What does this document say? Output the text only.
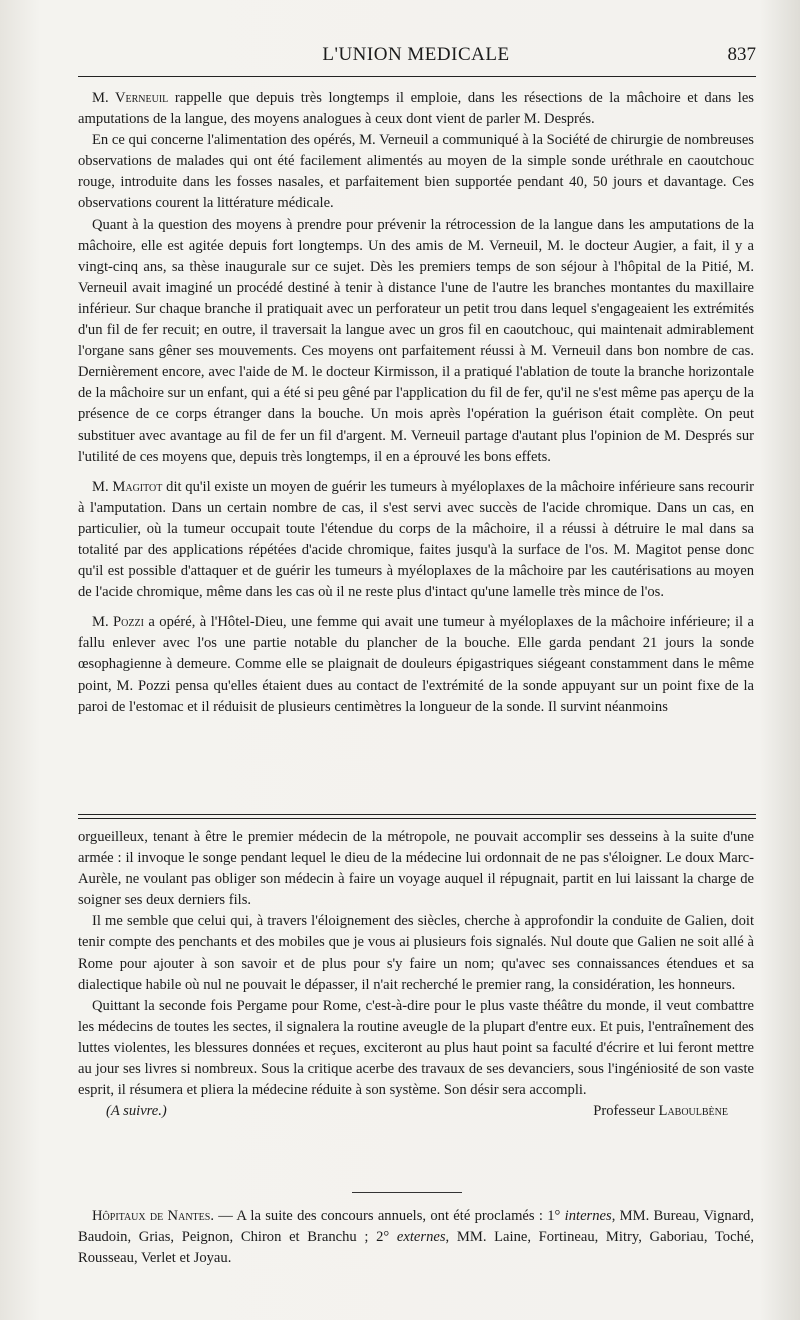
L'UNION MEDICALE	837

M. Verneuil rappelle que depuis très longtemps il emploie, dans les résections de la mâchoire et dans les amputations de la langue, des moyens analogues à ceux dont vient de parler M. Després.

En ce qui concerne l'alimentation des opérés, M. Verneuil a communiqué à la Société de chirurgie de nombreuses observations de malades qui ont été facilement alimentés au moyen de la simple sonde uréthrale en caoutchouc rouge, introduite dans les fosses nasales, et parfaitement bien supportée pendant 40, 50 jours et davantage. Ces observations courent la littérature médicale.

Quant à la question des moyens à prendre pour prévenir la rétrocession de la langue dans les amputations de la mâchoire, elle est agitée depuis fort longtemps. Un des amis de M. Verneuil, M. le docteur Augier, a fait, il y a vingt-cinq ans, sa thèse inaugurale sur ce sujet. Dès les premiers temps de son séjour à l'hôpital de la Pitié, M. Verneuil avait imaginé un procédé destiné à tenir à distance l'une de l'autre les branches montantes du maxillaire inférieur. Sur chaque branche il pratiquait avec un perforateur un petit trou dans lequel s'engageaient les extrémités d'un fil de fer recuit; en outre, il traversait la langue avec un gros fil en caoutchouc, qui maintenait admirablement l'organe sans gêner ses mouvements. Ces moyens ont parfaitement réussi à M. Verneuil dans bon nombre de cas. Dernièrement encore, avec l'aide de M. le docteur Kirmisson, il a pratiqué l'ablation de toute la branche horizontale de la mâchoire sur un enfant, qui a été si peu gêné par l'application du fil de fer, qu'il ne s'est même pas aperçu de la présence de ce corps étranger dans la bouche. Un mois après l'opération la guérison était complète. On peut substituer avec avantage au fil de fer un fil d'argent. M. Verneuil partage d'autant plus l'opinion de M. Després sur l'utilité de ces moyens que, depuis très longtemps, il en a éprouvé les bons effets.

M. Magitot dit qu'il existe un moyen de guérir les tumeurs à myéloplaxes de la mâchoire inférieure sans recourir à l'amputation. Dans un certain nombre de cas, il s'est servi avec succès de l'acide chromique. Dans un cas, en particulier, où la tumeur occupait toute l'étendue du corps de la mâchoire, il a réussi à détruire le mal dans sa totalité par des applications répétées d'acide chromique, faites jusqu'à la surface de l'os. M. Magitot pense donc qu'il est possible d'attaquer et de guérir les tumeurs à myéloplaxes de la mâchoire par les cautérisations au moyen de l'acide chromique, même dans les cas où il ne reste plus d'intact qu'une lamelle très mince de l'os.

M. Pozzi a opéré, à l'Hôtel-Dieu, une femme qui avait une tumeur à myéloplaxes de la mâchoire inférieure; il a fallu enlever avec l'os une partie notable du plancher de la bouche. Elle garda pendant 21 jours la sonde œsophagienne à demeure. Comme elle se plaignait de douleurs épigastriques siégeant constamment dans le même point, M. Pozzi pensa qu'elles étaient dues au contact de l'extrémité de la sonde appuyant sur un point fixe de la paroi de l'estomac et il réduisit de plusieurs centimètres la longueur de la sonde. Il survint néanmoins

orgueilleux, tenant à être le premier médecin de la métropole, ne pouvait accomplir ses desseins à la suite d'une armée : il invoque le songe pendant lequel le dieu de la médecine lui ordonnait de ne pas s'éloigner. Le doux Marc-Aurèle, ne voulant pas obliger son médecin à faire un voyage auquel il répugnait, partit en lui laissant la charge de soigner ses deux derniers fils.

Il me semble que celui qui, à travers l'éloignement des siècles, cherche à approfondir la conduite de Galien, doit tenir compte des penchants et des mobiles que je vous ai plusieurs fois signalés. Nul doute que Galien ne soit allé à Rome pour ajouter à son savoir et de plus pour s'y faire un nom; qu'avec ses connaissances étendues et sa dialectique habile où nul ne pouvait le dépasser, il n'ait recherché le premier rang, la considération, les honneurs.

Quittant la seconde fois Pergame pour Rome, c'est-à-dire pour le plus vaste théâtre du monde, il veut combattre les médecins de toutes les sectes, il signalera la routine aveugle de la plupart d'entre eux. Et puis, l'entraînement des luttes violentes, les blessures données et reçues, exciteront au plus haut point sa faculté d'écrire et lui feront mettre au jour ses livres si nombreux. Sous la critique acerbe des travaux de ses devanciers, sous l'ingéniosité de son vaste esprit, il résumera et pliera la médecine réduite à son système. Son désir sera accompli.

(A suivre.)	Professeur Laboulbène

Hôpitaux de Nantes. — A la suite des concours annuels, ont été proclamés : 1° internes, MM. Bureau, Vignard, Baudoin, Grias, Peignon, Chiron et Branchu ; 2° externes, MM. Laine, Fortineau, Mitry, Gaboriau, Toché, Rousseau, Verlet et Joyau.
